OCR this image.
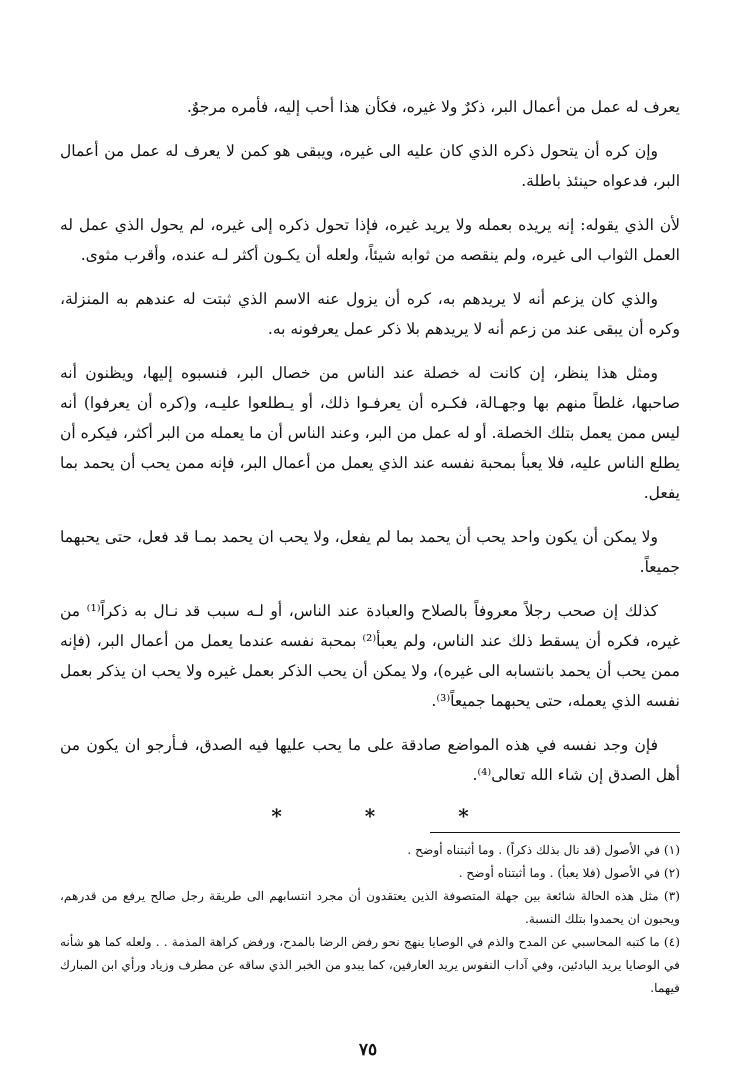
يعرف له عمل من أعمال البر، ذكرٌ ولا غيره، فكأن هذا أحب إليه، فأمره مرجوٌ.

وإن كره أن يتحول ذكره الذي كان عليه الى غيره، ويبقى هو كمن لا يعرف له عمل من أعمال البر، فدعواه حينئذ باطلة.

لأن الذي يقوله: إنه يريده بعمله ولا يريد غيره، فإذا تحول ذكره إلى غيره، لم يحول الذي عمل له العمل الثواب الى غيره، ولم ينقصه من ثوابه شيئاً، ولعله أن يكـون أكثر لـه عنده، وأقرب مثوى.

والذي كان يزعم أنه لا يريدهم به، كره أن يزول عنه الاسم الذي ثبتت له عندهم به المنزلة، وكره أن يبقى عند من زعم أنه لا يريدهم بلا ذكر عمل يعرفونه به.

ومثل هذا ينظر، إن كانت له خصلة عند الناس من خصال البر، فنسبوه إليها، ويظنون أنه صاحبها، غلطاً منهم بها وجهـالة، فكـره أن يعرفـوا ذلك، أو يـطلعوا عليـه، و(كره أن يعرفوا) أنه ليس ممن يعمل بتلك الخصلة. أو له عمل من البر، وعند الناس أن ما يعمله من البر أكثر، فيكره أن يطلع الناس عليه، فلا يعبأ بمحبة نفسه عند الذي يعمل من أعمال البر، فإنه ممن يحب أن يحمد بما يفعل.

ولا يمكن أن يكون واحد يحب أن يحمد بما لم يفعل، ولا يحب ان يحمد بمـا قد فعل، حتى يحبهما جميعاً.

كذلك إن صحب رجلاً معروفاً بالصلاح والعبادة عند الناس، أو لـه سبب قد نـال به ذكراً⁽¹⁾ من غيره، فكره أن يسقط ذلك عند الناس، ولم يعبأ⁽²⁾ بمحبة نفسه عندما يعمل من أعمال البر، (فإنه ممن يحب أن يحمد بانتسابه الى غيره)، ولا يمكن أن يحب الذكر بعمل غيره ولا يحب ان يذكر بعمل نفسه الذي يعمله، حتى يحبهما جميعاً⁽³⁾.

فإن وجد نفسه في هذه المواضع صادقة على ما يحب عليها فيه الصدق، فـأرجو ان يكون من أهل الصدق إن شاء الله تعالى⁽⁴⁾.

* * *

(١) في الأصول (قد نال بذلك ذكراً) . وما أثبتناه أوضح .

(٢) في الأصول (فلا يعبأ) . وما أثبتناه أوضح .

(٣) مثل هذه الحالة شائعة بين جهلة المتصوفة الذين يعتقدون أن مجرد انتسابهم الى طريقة رجل صالح يرفع من قدرهم، ويحبون ان يحمدوا بتلك النسبة.

(٤) ما كتبه المحاسبي عن المدح والذم في الوصايا ينهج نحو رفض الرضا بالمدح، ورفض كراهة المذمة . . ولعله كما هو شأنه في الوصايا يريد البادئين، وفي آداب النفوس يريد العارفين، كما يبدو من الخبر الذي ساقه عن مطرف وزياد ورأي ابن المبارك فيهما.

٧٥
